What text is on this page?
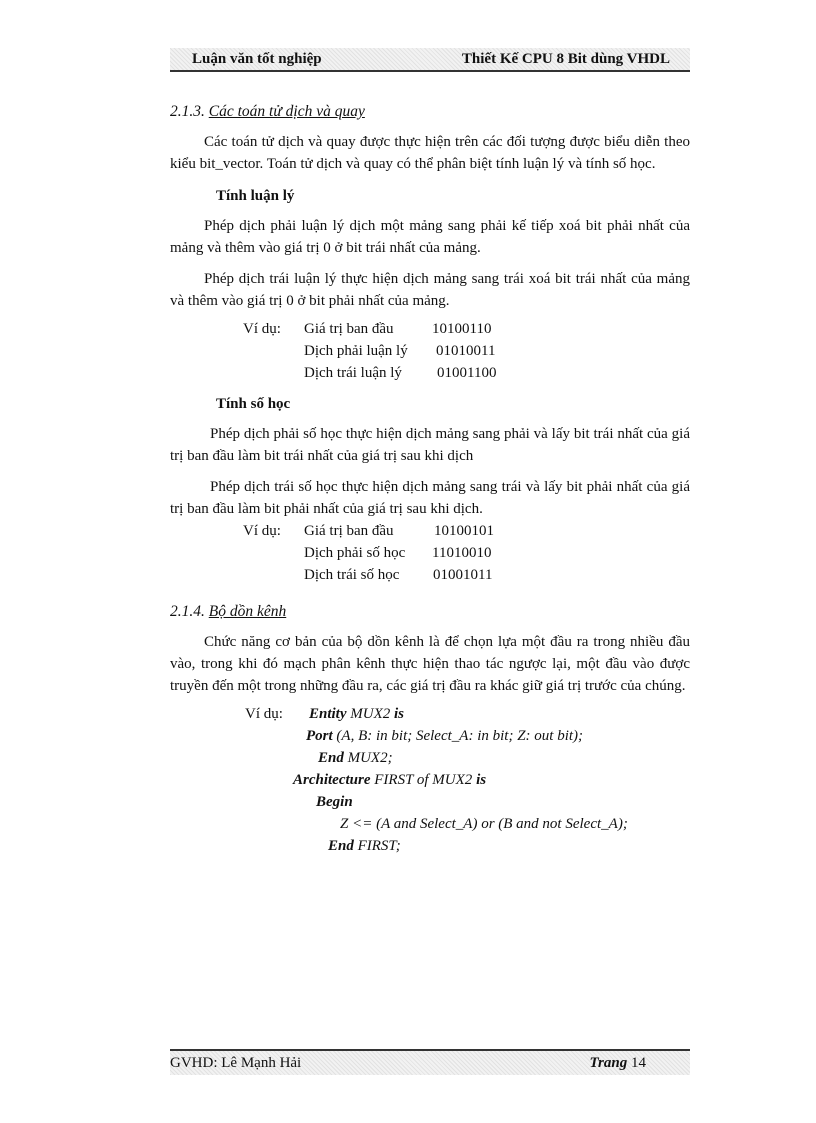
Luận văn tốt nghiệp	Thiết Kế CPU 8 Bit dùng VHDL

2.1.3. Các toán tử dịch và quay

Các toán tử dịch và quay được thực hiện trên các đối tượng được biểu diễn theo kiểu bit_vector. Toán tử dịch và quay có thể phân biệt tính luận lý và tính số học.

Tính luận lý

Phép dịch phải luận lý dịch một mảng sang phải kế tiếp xoá bit phải nhất của mảng và thêm vào giá trị 0 ở bit trái nhất của mảng.

Phép dịch trái luận lý thực hiện dịch mảng sang trái xoá bit trái nhất của mảng và thêm vào giá trị 0 ở bit phải nhất của mảng.

Ví dụ: Giá trị ban đầu	10100110
Dịch phải luận lý 01010011
Dịch trái luận lý 01001100
Tính số học

Phép dịch phải số học thực hiện dịch mảng sang phải và lấy bit trái nhất của giá trị ban đầu làm bit trái nhất của giá trị sau khi dịch

Phép dịch trái số học thực hiện dịch mảng sang trái và lấy bit phải nhất của giá trị ban đầu làm bit phải nhất của giá trị sau khi dịch.

Ví dụ: Giá trị ban đầu	10100101
Dịch phải số học 11010010
Dịch trái số học 01001011

2.1.4. Bộ dồn kênh

Chức năng cơ bản của bộ dồn kênh là để chọn lựa một đầu ra trong nhiều đầu vào, trong khi đó mạch phân kênh thực hiện thao tác ngược lại, một đầu vào được truyền đến một trong những đầu ra, các giá trị đầu ra khác giữ giá trị trước của chúng.

Ví dụ: Entity MUX2 is
Port (A, B: in bit; Select_A: in bit; Z: out bit);
End MUX2;
Architecture FIRST of MUX2 is
Begin
Z <= (A and Select_A) or (B and not Select_A);
End FIRST;
GVHD: Lê Mạnh Hải	Trang 14
